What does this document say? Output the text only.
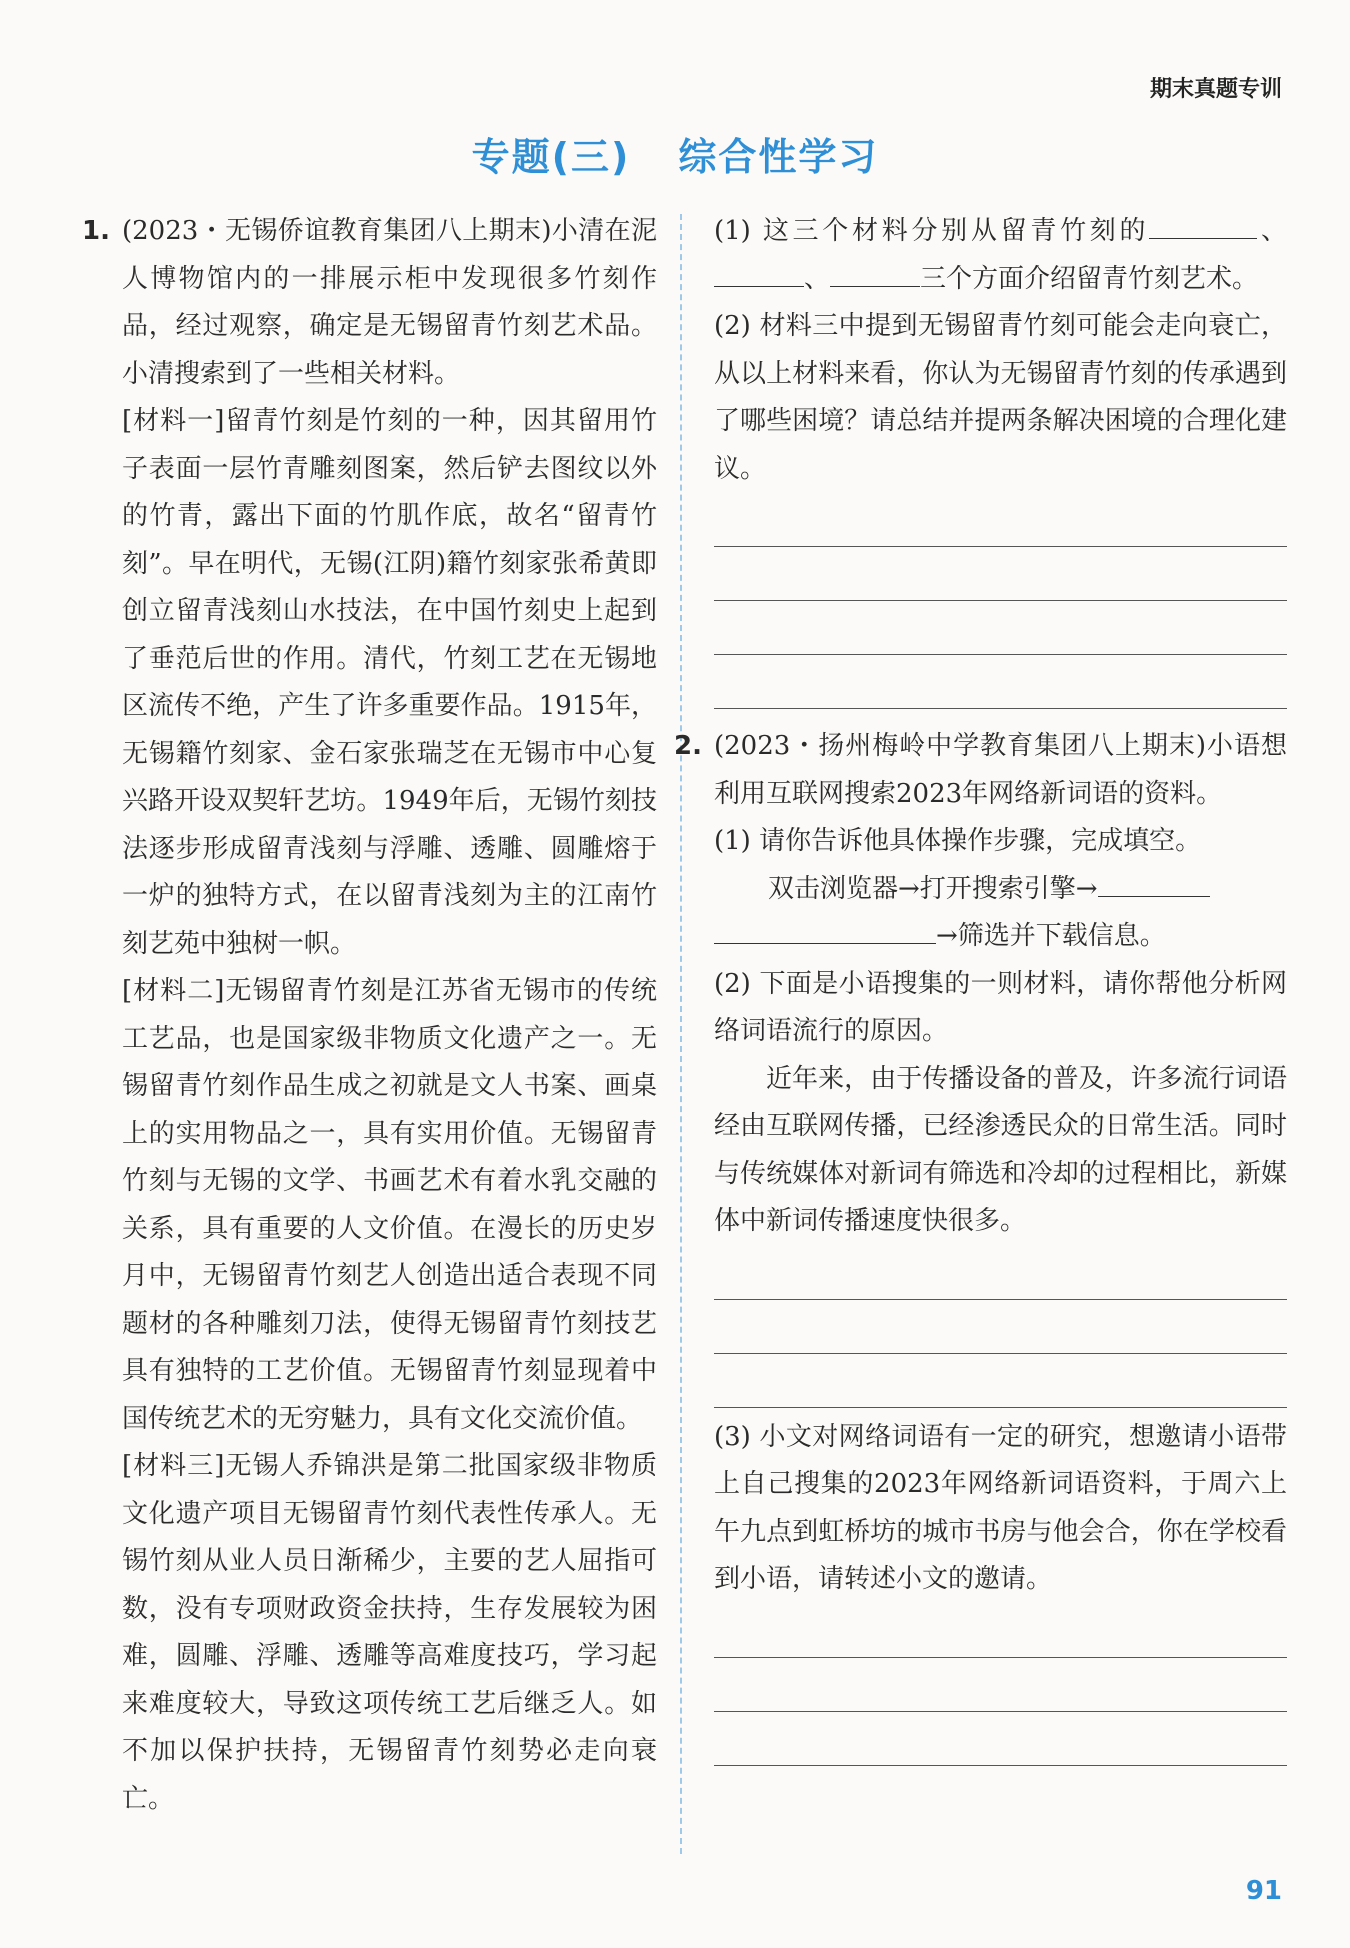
期末真题专训
专题(三) 综合性学习
1. (2023・无锡侨谊教育集团八上期末)小清在泥人博物馆内的一排展示柜中发现很多竹刻作品，经过观察，确定是无锡留青竹刻艺术品。小清搜索到了一些相关材料。

[材料一]留青竹刻是竹刻的一种，因其留用竹子表面一层竹青雕刻图案，然后铲去图纹以外的竹青，露出下面的竹肌作底，故名“留青竹刻”。早在明代，无锡(江阴)籍竹刻家张希黄即创立留青浅刻山水技法，在中国竹刻史上起到了垂范后世的作用。清代，竹刻工艺在无锡地区流传不绝，产生了许多重要作品。1915年，无锡籍竹刻家、金石家张瑞芝在无锡市中心复兴路开设双契轩艺坊。1949年后，无锡竹刻技法逐步形成留青浅刻与浮雕、透雕、圆雕熔于一炉的独特方式，在以留青浅刻为主的江南竹刻艺苑中独树一帜。

[材料二]无锡留青竹刻是江苏省无锡市的传统工艺品，也是国家级非物质文化遗产之一。无锡留青竹刻作品生成之初就是文人书案、画桌上的实用物品之一，具有实用价值。无锡留青竹刻与无锡的文学、书画艺术有着水乳交融的关系，具有重要的人文价值。在漫长的历史岁月中，无锡留青竹刻艺人创造出适合表现不同题材的各种雕刻刀法，使得无锡留青竹刻技艺具有独特的工艺价值。无锡留青竹刻显现着中国传统艺术的无穷魅力，具有文化交流价值。

[材料三]无锡人乔锦洪是第二批国家级非物质文化遗产项目无锡留青竹刻代表性传承人。无锡竹刻从业人员日渐稀少，主要的艺人屈指可数，没有专项财政资金扶持，生存发展较为困难，圆雕、浮雕、透雕等高难度技巧，学习起来难度较大，导致这项传统工艺后继乏人。如不加以保护扶持，无锡留青竹刻势必走向衰亡。

(1) 这三个材料分别从留青竹刻的	、、	三个方面介绍留青竹刻艺术。

(2) 材料三中提到无锡留青竹刻可能会走向衰亡，从以上材料来看，你认为无锡留青竹刻的传承遇到了哪些困境？请总结并提两条解决困境的合理化建议。

2. (2023・扬州梅岭中学教育集团八上期末)小语想利用互联网搜索2023年网络新词语的资料。

(1) 请你告诉他具体操作步骤，完成填空。

双击浏览器→打开搜索引擎→

→筛选并下载信息。

(2) 下面是小语搜集的一则材料，请你帮他分析网络词语流行的原因。

近年来，由于传播设备的普及，许多流行词语经由互联网传播，已经渗透民众的日常生活。同时与传统媒体对新词有筛选和冷却的过程相比，新媒体中新词传播速度快很多。

(3) 小文对网络词语有一定的研究，想邀请小语带上自己搜集的2023年网络新词语资料，于周六上午九点到虹桥坊的城市书房与他会合，你在学校看到小语，请转述小文的邀请。

91
